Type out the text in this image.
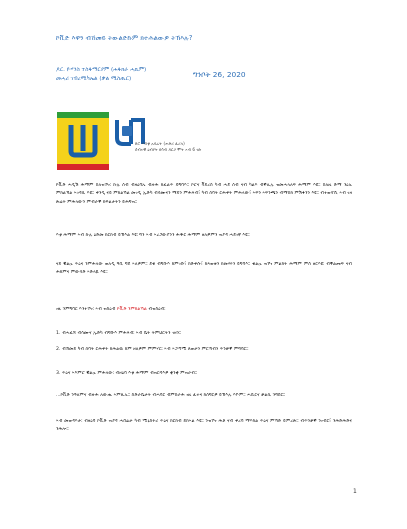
ኮቪድ እዋን ብኸመይ ትውልድኩም ክተሕልውዎ ትኽእሉ?
ዶር. ዮሃንስ ተስፋማርያም (ሐፋክራ ሓኪም)
መሓሪ ገብረሚካኤል (ቃል ሚስጢር)	ግንቦት 26, 2020
ጸሮ ሃብቲ አዳራት (ሐድሪ ፈሪላ)
ሰብኣዊ ዕብየት ክሳብ ዳርጋ ሞት ኣብ 6 ገጽ
ኮቪድ ሓዲሽ ሕማም ስለዝኾነ፡ ኩሉ ሰብ ብዛዕባኡ ብዙሕ ክፈልጥ ይግባእ። ኮሮና ቫይረስ ካብ ሓደ ሰብ ናብ ካልእ ብቐሊሉ ዝመሓላለፍ ሕማም እዩ። ስለዚ ድማ ንዕኡ ምክልኻል ኣገዳሲ እዩ። ቀንዲ ናይ ምክልኻል መገዲ ኢድካ ብሳሙናን ማይን ምሕጻብ፣ ካብ ሰባት ርሕቀት ምሕላው፣ ኣፍን ኣፍንጫን ብማስክ ምሽፋንን እዩ። ብተወሳኺ ኣብ ገዛ ጽሬት ምሕላውን ምብራቕ ክፍልታትን ይሕግዝ።
እቲ ሕማም ኣብ ኩሉ ዕድመ ክርከብ ይኽእል እዩ፡ ግን ኣብ ኣረጋውያንን ሕዱር ሕማም ዘለዎምን ዝያዳ ሓደገኛ እዩ።
ናይ ቑልዑ ጥዕና ንምሕላው ወለዲ ዓቢ ግደ ኣለዎም። ደቂ ብግቡእ ክምገቡ፣ ክድቀሱ፣ ክጻወቱን ክመሃሩን ይግባእ። ቁልዑ ዝኾነ ምልክት ሕማም ምስ ዘርእዩ፡ ብቕልጡፍ ናብ ሕክምና ምውሳድ ኣድላዪ እዩ።
ነዚ ንምግባር እንተኾነ፡ ኣብ ዝስዕብ ኮቪድ ንምክልኻል ብዝስዕብ፡
1. ብሓፈሻ ብሳሙና ኢድካ ብግቡእ ምሕጻብ፡ ኣብ ቤት ትምህርትን ገዛን።
2. ብኸመይ ካብ ሰባት ርሕቀት ክሕልዉ ከም ዘለዎም ምምሃር፡ ኣብ ኣጋጣሚ ጸወታን ምርኻብን ጥንቃቐ ምግባር።
3. ጥዕና ኣእምሮ ቑልዑ ምሕላው፡ ብዛዕባ እቲ ሕማም ብዝርዳእዎ ቋንቋ ምዝራብ።
...ኮቪድ ንዓለምና ብዙሕ ለውጢ ኣምጺኡ። ስድራቤታት ብሓባር ብምስራሕ ነዚ ፈተና ክሰግርዎ ይኽእሉ እዮም። ሓቢርና ቃልሲ ንግበር።
ኣብ መወዳእታ፡ ብዛዕባ ኮቪድ ዝያዳ ሓበሬታ ካብ ሚኒስትሪ ጥዕና ክርከብ ይከኣል እዩ። ንዝኾነ ሕቶ ናብ ቀረባ ማእከል ጥዕና ምኻድ ይምረጽ። ብጥንቃቐ ንነብር፣ ንሕድሕድና ንሕሎ።
1
